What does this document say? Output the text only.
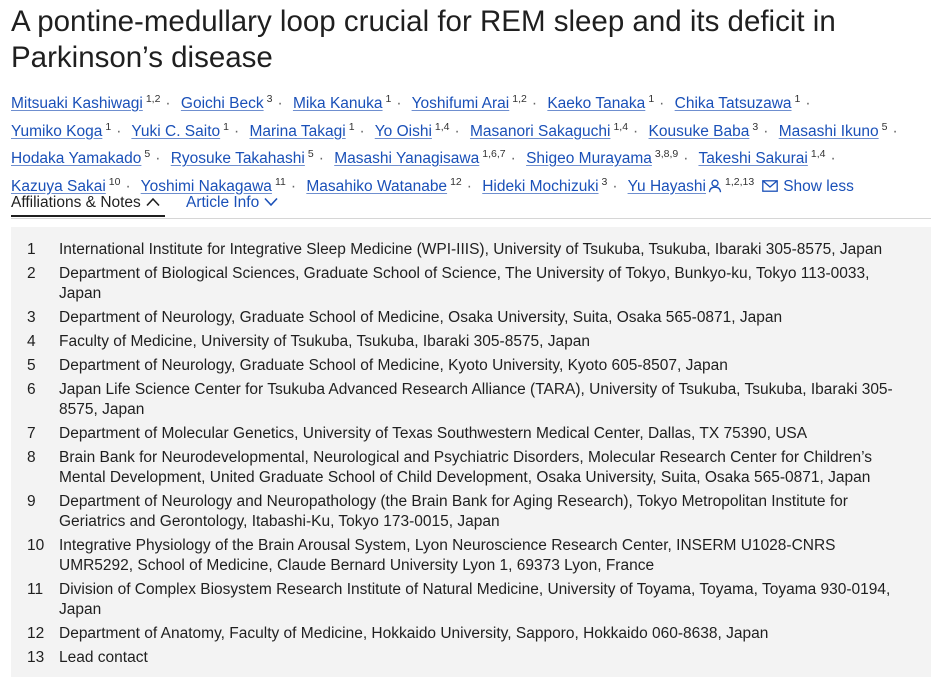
A pontine-medullary loop crucial for REM sleep and its deficit in Parkinson’s disease
Mitsuaki Kashiwagi $^{1,2}$ · Goichi Beck $^3$ · Mika Kanuka $^1$ · Yoshifumi Arai $^{1,2}$ · Kaeko Tanaka $^1$ · Chika Tatsuzawa $^1$ · Yumiko Koga $^1$ · Yuki C. Saito $^1$ · Marina Takagi $^1$ · Yo Oishi $^{1,4}$ · Masanori Sakaguchi $^{1,4}$ · Kousuke Baba $^3$ · Masashi Ikuno $^5$ · Hodaka Yamakado $^5$ · Ryosuke Takahashi $^5$ · Masashi Yanagisawa $^{1,6,7}$ · Shigeo Murayama $^{3,8,9}$ · Takeshi Sakurai $^{1,4}$ · Kazuya Sakai $^{10}$ · Yoshimi Nakagawa $^{11}$ · Masahiko Watanabe $^{12}$ · Hideki Mochizuki $^3$ · Yu Hayashi $^{1,2,13}$ Show less
Affiliations & Notes	Article Info
1	International Institute for Integrative Sleep Medicine (WPI-IIIS), University of Tsukuba, Tsukuba, Ibaraki 305-8575, Japan
2	Department of Biological Sciences, Graduate School of Science, The University of Tokyo, Bunkyo-ku, Tokyo 113-0033, Japan
3	Department of Neurology, Graduate School of Medicine, Osaka University, Suita, Osaka 565-0871, Japan
4	Faculty of Medicine, University of Tsukuba, Tsukuba, Ibaraki 305-8575, Japan
5	Department of Neurology, Graduate School of Medicine, Kyoto University, Kyoto 605-8507, Japan
6	Japan Life Science Center for Tsukuba Advanced Research Alliance (TARA), University of Tsukuba, Tsukuba, Ibaraki 305-8575, Japan
7	Department of Molecular Genetics, University of Texas Southwestern Medical Center, Dallas, TX 75390, USA
8	Brain Bank for Neurodevelopmental, Neurological and Psychiatric Disorders, Molecular Research Center for Children’s Mental Development, United Graduate School of Child Development, Osaka University, Suita, Osaka 565-0871, Japan
9	Department of Neurology and Neuropathology (the Brain Bank for Aging Research), Tokyo Metropolitan Institute for Geriatrics and Gerontology, Itabashi-Ku, Tokyo 173-0015, Japan
10 Integrative Physiology of the Brain Arousal System, Lyon Neuroscience Research Center, INSERM U1028-CNRS UMR5292, School of Medicine, Claude Bernard University Lyon 1, 69373 Lyon, France
11	Division of Complex Biosystem Research Institute of Natural Medicine, University of Toyama, Toyama, Toyama 930-0194, Japan
12 Department of Anatomy, Faculty of Medicine, Hokkaido University, Sapporo, Hokkaido 060-8638, Japan
13 Lead contact
